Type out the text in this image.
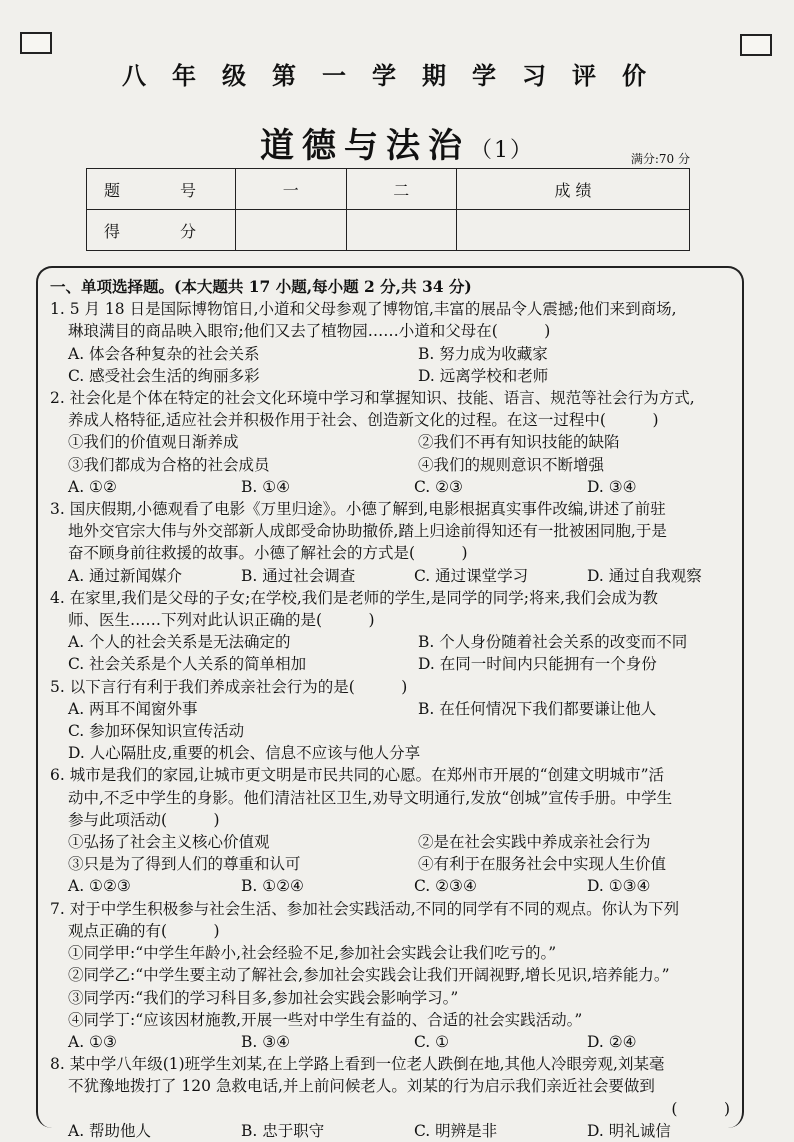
八年级第一学期学习评价
道德与法治（1）	满分:70 分
题　号	一	二	成 绩
得　分			
一、单项选择题。(本大题共 17 小题,每小题 2 分,共 34 分)
1. 5 月 18 日是国际博物馆日,小道和父母参观了博物馆,丰富的展品令人震撼;他们来到商场,
琳琅满目的商品映入眼帘;他们又去了植物园……小道和父母在(　　　)
A. 体会各种复杂的社会关系	B. 努力成为收藏家
C. 感受社会生活的绚丽多彩	D. 远离学校和老师
2. 社会化是个体在特定的社会文化环境中学习和掌握知识、技能、语言、规范等社会行为方式,
养成人格特征,适应社会并积极作用于社会、创造新文化的过程。在这一过程中(　　　)
①我们的价值观日渐养成	②我们不再有知识技能的缺陷
③我们都成为合格的社会成员	④我们的规则意识不断增强
A. ①②	B. ①④	C. ②③	D. ③④
3. 国庆假期,小德观看了电影《万里归途》。小德了解到,电影根据真实事件改编,讲述了前驻
地外交官宗大伟与外交部新人成郎受命协助撤侨,踏上归途前得知还有一批被困同胞,于是
奋不顾身前往救援的故事。小德了解社会的方式是(　　　)
A. 通过新闻媒介	B. 通过社会调查	C. 通过课堂学习	D. 通过自我观察
4. 在家里,我们是父母的子女;在学校,我们是老师的学生,是同学的同学;将来,我们会成为教
师、医生……下列对此认识正确的是(　　　)
A. 个人的社会关系是无法确定的	B. 个人身份随着社会关系的改变而不同
C. 社会关系是个人关系的简单相加	D. 在同一时间内只能拥有一个身份
5. 以下言行有利于我们养成亲社会行为的是(　　　)
A. 两耳不闻窗外事	B. 在任何情况下我们都要谦让他人
C. 参加环保知识宣传活动
D. 人心隔肚皮,重要的机会、信息不应该与他人分享
6. 城市是我们的家园,让城市更文明是市民共同的心愿。在郑州市开展的“创建文明城市”活
动中,不乏中学生的身影。他们清洁社区卫生,劝导文明通行,发放“创城”宣传手册。中学生
参与此项活动(　　　)
①弘扬了社会主义核心价值观	②是在社会实践中养成亲社会行为
③只是为了得到人们的尊重和认可	④有利于在服务社会中实现人生价值
A. ①②③	B. ①②④	C. ②③④	D. ①③④
7. 对于中学生积极参与社会生活、参加社会实践活动,不同的同学有不同的观点。你认为下列
观点正确的有(　　　)
①同学甲:“中学生年龄小,社会经验不足,参加社会实践会让我们吃亏的。”
②同学乙:“中学生要主动了解社会,参加社会实践会让我们开阔视野,增长见识,培养能力。”
③同学丙:“我们的学习科目多,参加社会实践会影响学习。”
④同学丁:“应该因材施教,开展一些对中学生有益的、合适的社会实践活动。”
A. ①③	B. ③④	C. ①	D. ②④
8. 某中学八年级(1)班学生刘某,在上学路上看到一位老人跌倒在地,其他人冷眼旁观,刘某毫
不犹豫地拨打了 120 急救电话,并上前问候老人。刘某的行为启示我们亲近社会要做到
(　　　)
A. 帮助他人	B. 忠于职守	C. 明辨是非	D. 明礼诚信
